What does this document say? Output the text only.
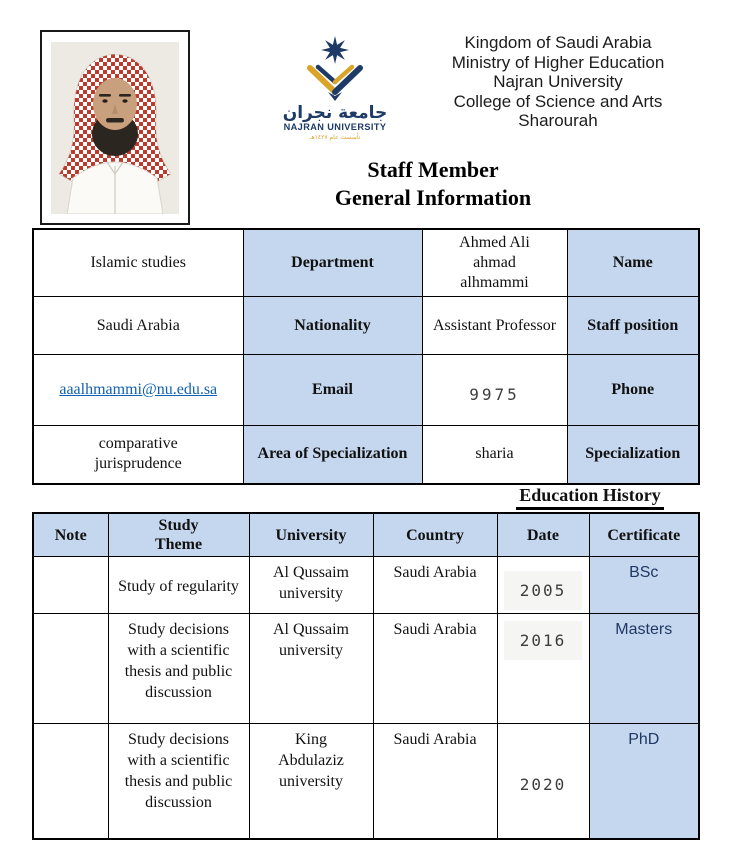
جامعة نجران
NAJRAN UNIVERSITY
تأسست عام ١٤٢٧هـ
Kingdom of Saudi Arabia
Ministry of Higher Education
Najran University
College of Science and Arts
Sharourah
Staff Member
General Information
Islamic studies	Department	Ahmed Ali ahmad alhmammi	Name
Saudi Arabia	Nationality	Assistant Professor	Staff position
aaalhmammi@nu.edu.sa	Email	9975	Phone
comparative jurisprudence	Area of Specialization	sharia	Specialization
Education History
Note	Study Theme	University	Country	Date	Certificate
	Study of regularity	Al Qussaim university	Saudi Arabia	2005	BSc
	Study decisions with a scientific thesis and public discussion	Al Qussaim university	Saudi Arabia	2016	Masters
	Study decisions with a scientific thesis and public discussion	King Abdulaziz university	Saudi Arabia	2020	PhD
